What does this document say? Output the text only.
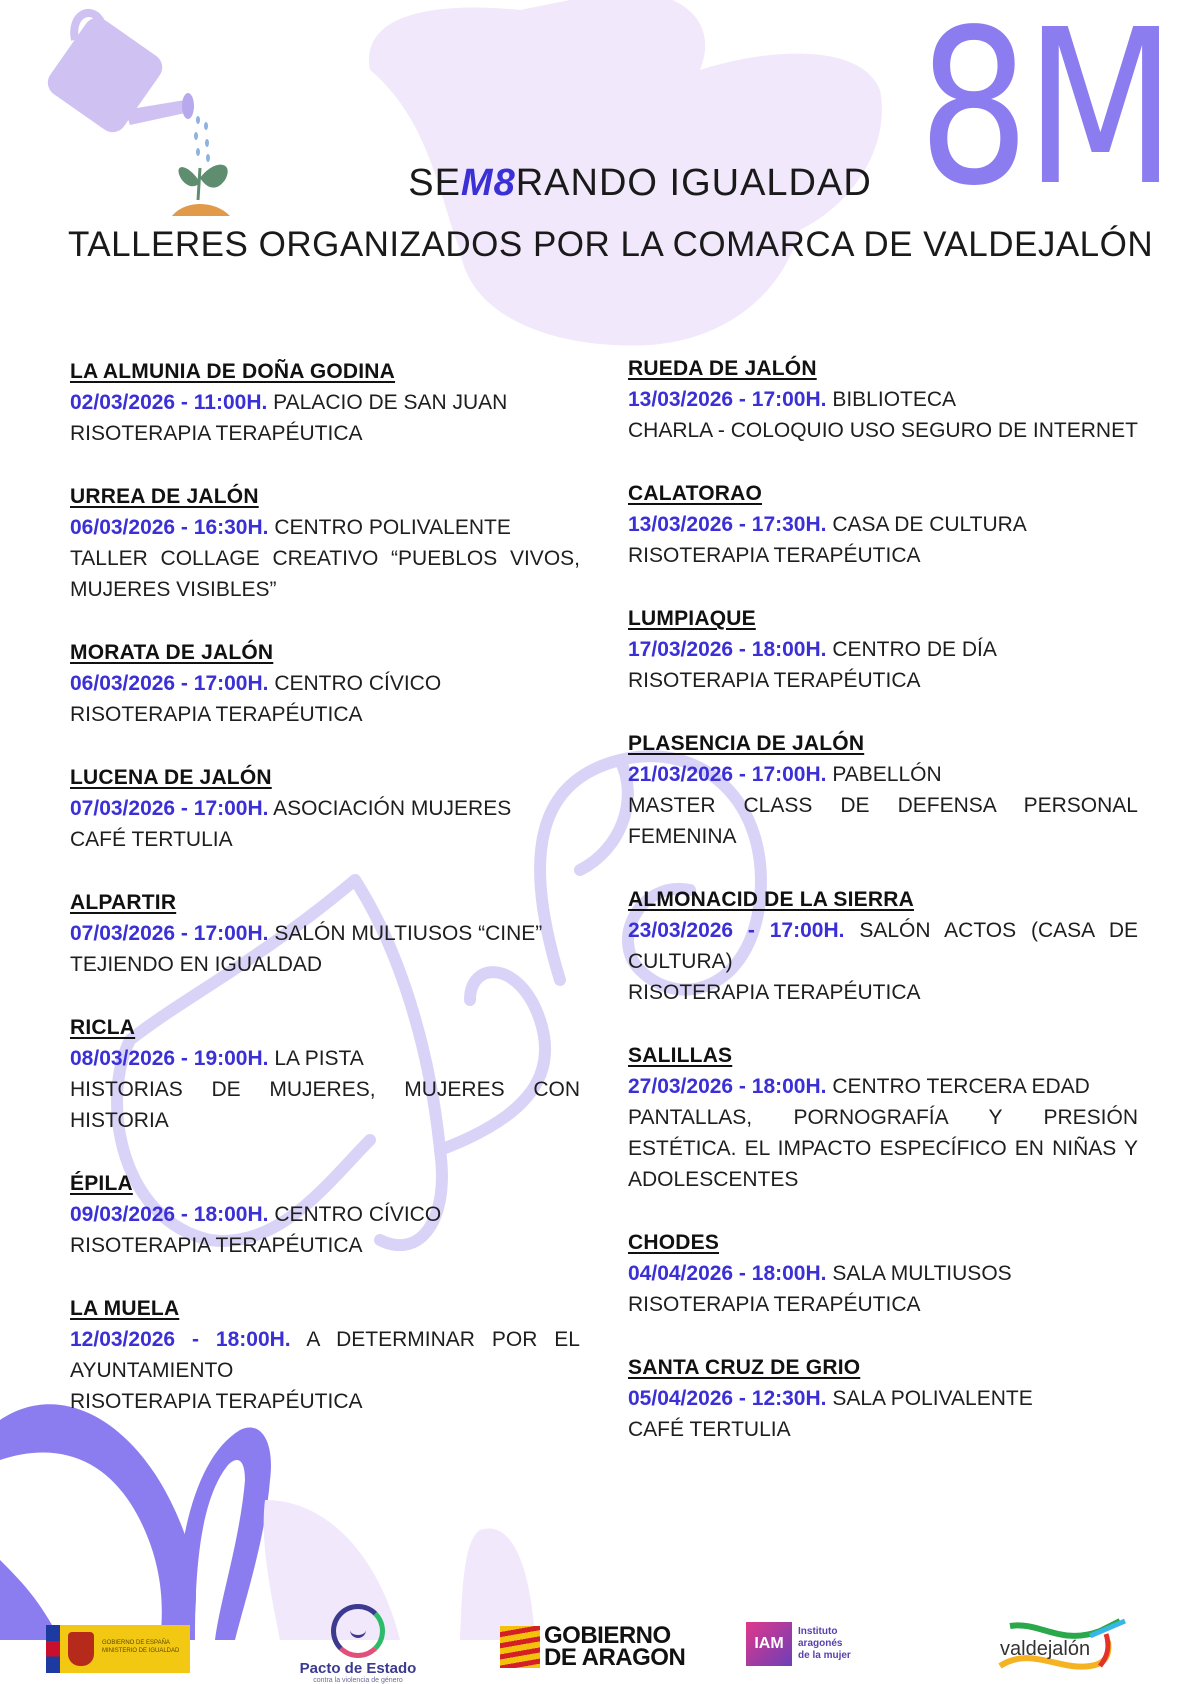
8M
SEM8RANDO IGUALDAD
TALLERES ORGANIZADOS POR LA COMARCA DE VALDEJALÓN
LA ALMUNIA DE DOÑA GODINA
02/03/2026 - 11:00H. PALACIO DE SAN JUAN
RISOTERAPIA TERAPÉUTICA
URREA DE JALÓN
06/03/2026 - 16:30H. CENTRO POLIVALENTE
TALLER COLLAGE CREATIVO “PUEBLOS VIVOS, MUJERES VISIBLES”
MORATA DE JALÓN
06/03/2026 - 17:00H. CENTRO CÍVICO
RISOTERAPIA TERAPÉUTICA
LUCENA DE JALÓN
07/03/2026 - 17:00H. ASOCIACIÓN MUJERES
CAFÉ TERTULIA
ALPARTIR
07/03/2026 - 17:00H. SALÓN MULTIUSOS “CINE”
TEJIENDO EN IGUALDAD
RICLA
08/03/2026 - 19:00H. LA PISTA
HISTORIAS DE MUJERES, MUJERES CON HISTORIA
ÉPILA
09/03/2026 - 18:00H. CENTRO CÍVICO
RISOTERAPIA TERAPÉUTICA
LA MUELA
12/03/2026 - 18:00H. A DETERMINAR POR EL AYUNTAMIENTO
RISOTERAPIA TERAPÉUTICA
RUEDA DE JALÓN
13/03/2026 - 17:00H. BIBLIOTECA
CHARLA - COLOQUIO USO SEGURO DE INTERNET
CALATORAO
13/03/2026 - 17:30H. CASA DE CULTURA
RISOTERAPIA TERAPÉUTICA
LUMPIAQUE
17/03/2026 - 18:00H. CENTRO DE DÍA
RISOTERAPIA TERAPÉUTICA
PLASENCIA DE JALÓN
21/03/2026 - 17:00H. PABELLÓN
MASTER CLASS DE DEFENSA PERSONAL FEMENINA
ALMONACID DE LA SIERRA
23/03/2026 - 17:00H. SALÓN ACTOS (CASA DE CULTURA)
RISOTERAPIA TERAPÉUTICA
SALILLAS
27/03/2026 - 18:00H. CENTRO TERCERA EDAD
PANTALLAS, PORNOGRAFÍA Y PRESIÓN ESTÉTICA. EL IMPACTO ESPECÍFICO EN NIÑAS Y ADOLESCENTES
CHODES
04/04/2026 - 18:00H. SALA MULTIUSOS
RISOTERAPIA TERAPÉUTICA
SANTA CRUZ DE GRIO
05/04/2026 - 12:30H. SALA POLIVALENTE
CAFÉ TERTULIA
GOBIERNO DE ESPAÑA
MINISTERIO DE IGUALDAD
Pacto de Estado
contra la violencia de género
GOBIERNO
DE ARAGON
IAM
Instituto
aragonés
de la mujer	valdejalón
